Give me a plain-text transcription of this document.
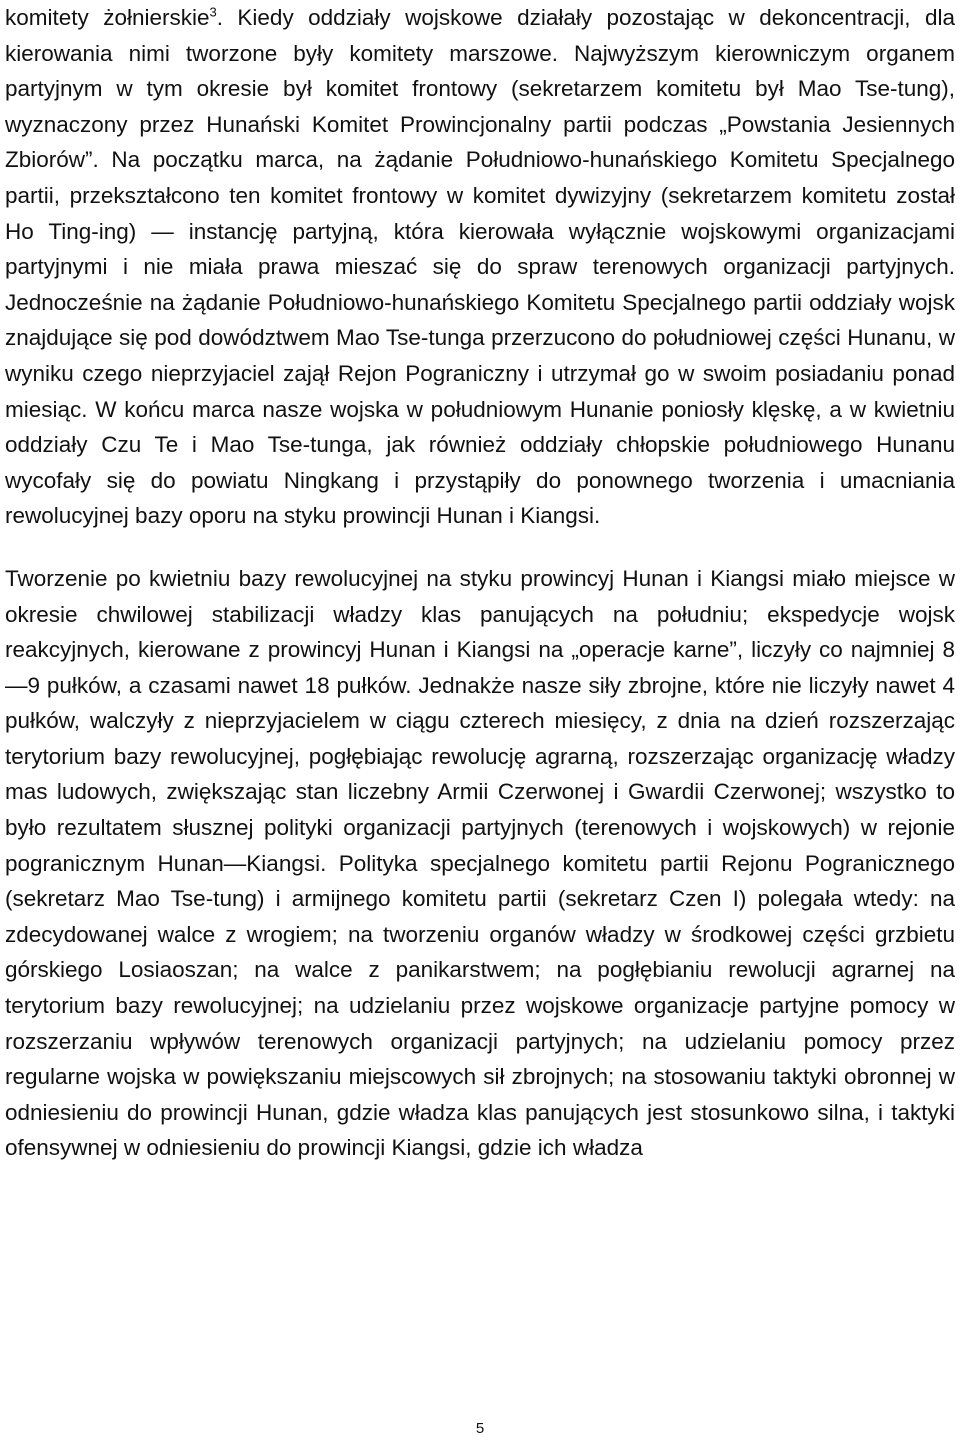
komitety żołnierskie$^3$. Kiedy oddziały wojskowe działały pozostając w dekoncentracji, dla kierowania nimi tworzone były komitety marszowe. Najwyższym kierowniczym organem partyjnym w tym okresie był komitet frontowy (sekretarzem komitetu był Mao Tse-tung), wyznaczony przez Hunański Komitet Prowincjonalny partii podczas „Powstania Jesiennych Zbiorów”. Na początku marca, na żądanie Południowo-hunańskiego Komitetu Specjalnego partii, przekształcono ten komitet frontowy w komitet dywizyjny (sekretarzem komitetu został Ho Ting-ing) — instancję partyjną, która kierowała wyłącznie wojskowymi organizacjami partyjnymi i nie miała prawa mieszać się do spraw terenowych organizacji partyjnych. Jednocześnie na żądanie Południowo-hunańskiego Komitetu Specjalnego partii oddziały wojsk znajdujące się pod dowództwem Mao Tse-tunga przerzucono do południowej części Hunanu, w wyniku czego nieprzyjaciel zajął Rejon Pograniczny i utrzymał go w swoim posiadaniu ponad miesiąc. W końcu marca nasze wojska w południowym Hunanie poniosły klęskę, a w kwietniu oddziały Czu Te i Mao Tse-tunga, jak również oddziały chłopskie południowego Hunanu wycofały się do powiatu Ningkang i przystąpiły do ponownego tworzenia i umacniania rewolucyjnej bazy oporu na styku prowincji Hunan i Kiangsi.

Tworzenie po kwietniu bazy rewolucyjnej na styku prowincyj Hunan i Kiangsi miało miejsce w okresie chwilowej stabilizacji władzy klas panujących na południu; ekspedycje wojsk reakcyjnych, kierowane z prowincyj Hunan i Kiangsi na „operacje karne”, liczyły co najmniej 8—9 pułków, a czasami nawet 18 pułków. Jednakże nasze siły zbrojne, które nie liczyły nawet 4 pułków, walczyły z nieprzyjacielem w ciągu czterech miesięcy, z dnia na dzień rozszerzając terytorium bazy rewolucyjnej, pogłębiając rewolucję agrarną, rozszerzając organizację władzy mas ludowych, zwiększając stan liczebny Armii Czerwonej i Gwardii Czerwonej; wszystko to było rezultatem słusznej polityki organizacji partyjnych (terenowych i wojskowych) w rejonie pogranicznym Hunan—Kiangsi. Polityka specjalnego komitetu partii Rejonu Pogranicznego (sekretarz Mao Tse-tung) i armijnego komitetu partii (sekretarz Czen I) polegała wtedy: na zdecydowanej walce z wrogiem; na tworzeniu organów władzy w środkowej części grzbietu górskiego Losiaoszan; na walce z panikarstwem; na pogłębianiu rewolucji agrarnej na terytorium bazy rewolucyjnej; na udzielaniu przez wojskowe organizacje partyjne pomocy w rozszerzaniu wpływów terenowych organizacji partyjnych; na udzielaniu pomocy przez regularne wojska w powiększaniu miejscowych sił zbrojnych; na stosowaniu taktyki obronnej w odniesieniu do prowincji Hunan, gdzie władza klas panujących jest stosunkowo silna, i taktyki ofensywnej w odniesieniu do prowincji Kiangsi, gdzie ich władza

5
